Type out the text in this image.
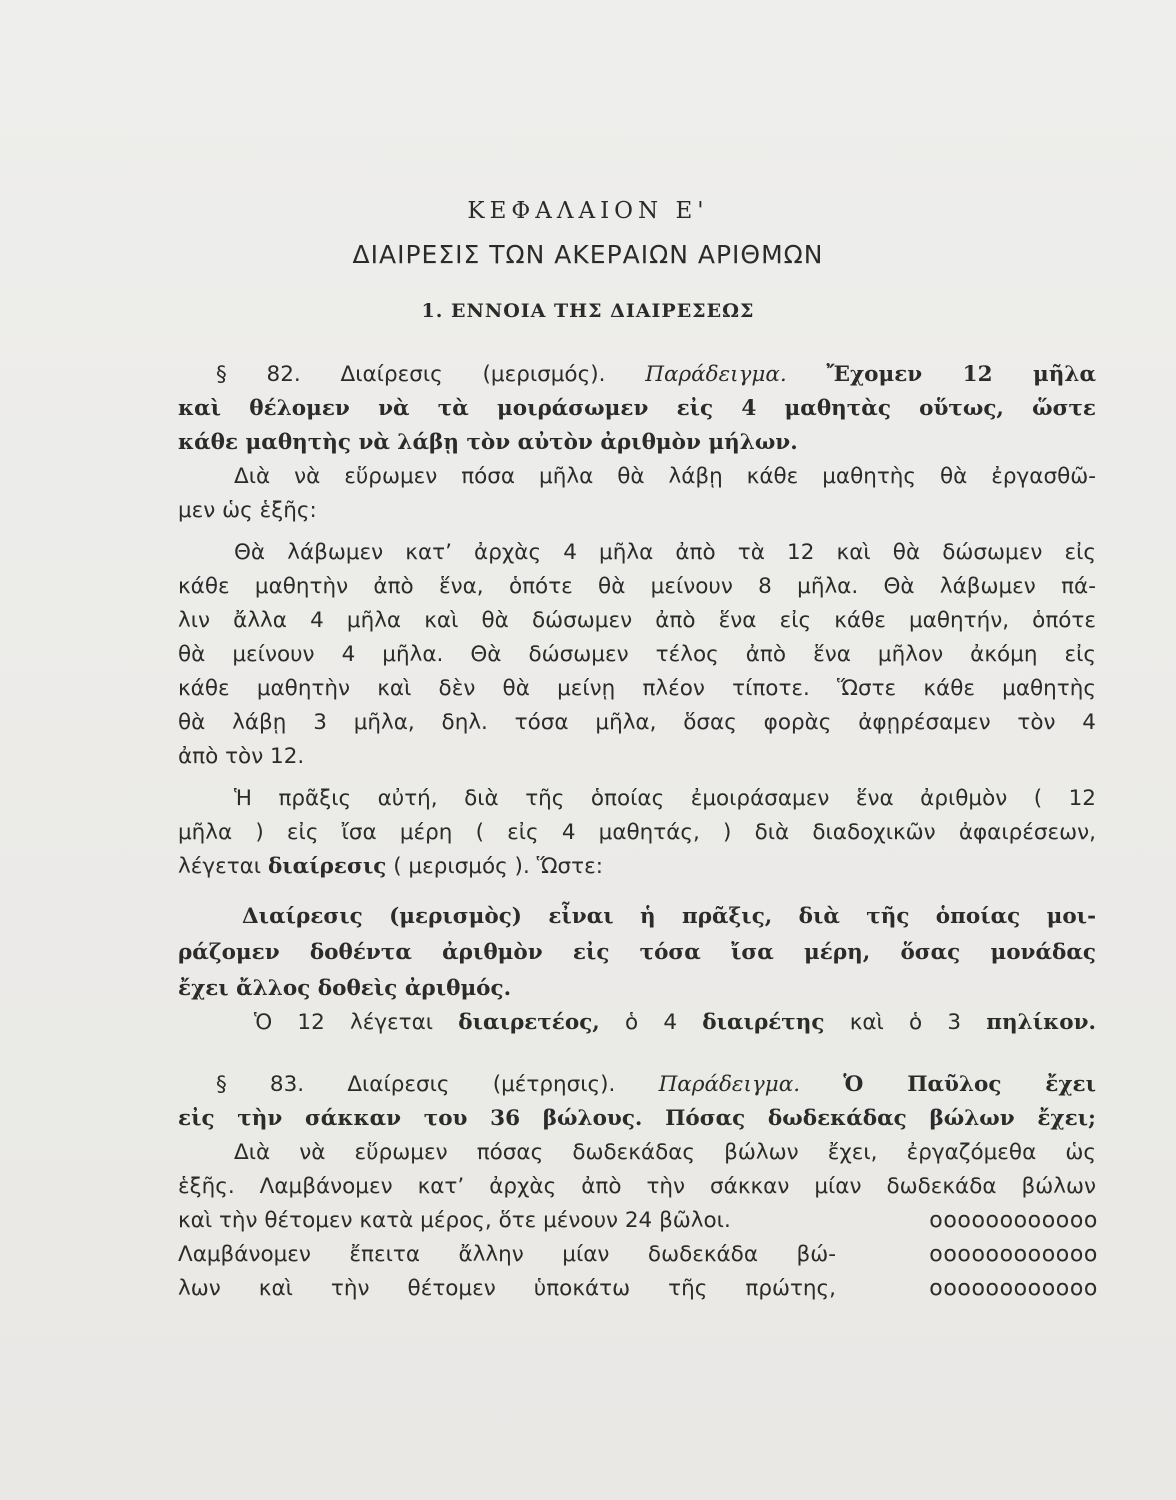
ΚΕΦΑΛΑΙΟΝ Ε'
ΔΙΑΙΡΕΣΙΣ ΤΩΝ ΑΚΕΡΑΙΩΝ ΑΡΙΘΜΩΝ
1. ΕΝΝΟΙΑ ΤΗΣ ΔΙΑΙΡΕΣΕΩΣ
§ 82. Διαίρεσις (μερισμός). Παράδειγμα. Ἔχομεν 12 μῆλα
καὶ θέλομεν νὰ τὰ μοιράσωμεν εἰς 4 μαθητὰς οὕτως, ὥστε
κάθε μαθητὴς νὰ λάβῃ τὸν αὐτὸν ἀριθμὸν μήλων.
Διὰ νὰ εὕρωμεν πόσα μῆλα θὰ λάβῃ κάθε μαθητὴς θὰ ἐργασθῶ-
μεν ὡς ἑξῆς:
Θὰ λάβωμεν κατ’ ἀρχὰς 4 μῆλα ἀπὸ τὰ 12 καὶ θὰ δώσωμεν εἰς
κάθε μαθητὴν ἀπὸ ἕνα, ὁπότε θὰ μείνουν 8 μῆλα. Θὰ λάβωμεν πά-
λιν ἄλλα 4 μῆλα καὶ θὰ δώσωμεν ἀπὸ ἕνα εἰς κάθε μαθητήν, ὁπότε
θὰ μείνουν 4 μῆλα. Θὰ δώσωμεν τέλος ἀπὸ ἕνα μῆλον ἀκόμη εἰς
κάθε μαθητὴν καὶ δὲν θὰ μείνῃ πλέον τίποτε. Ὥστε κάθε μαθητὴς
θὰ λάβῃ 3 μῆλα, δηλ. τόσα μῆλα, ὅσας φορὰς ἀφῃρέσαμεν τὸν 4
ἀπὸ τὸν 12.
Ἡ πρᾶξις αὐτή, διὰ τῆς ὁποίας ἐμοιράσαμεν ἕνα ἀριθμὸν ( 12
μῆλα ) εἰς ἴσα μέρη ( εἰς 4 μαθητάς, ) διὰ διαδοχικῶν ἀφαιρέσεων,
λέγεται διαίρεσις ( μερισμός ). Ὥστε:
Διαίρεσις (μερισμὸς) εἶναι ἡ πρᾶξις, διὰ τῆς ὁποίας μοι-
ράζομεν δοθέντα ἀριθμὸν εἰς τόσα ἴσα μέρη, ὅσας μονάδας
ἔχει ἄλλος δοθεὶς ἀριθμός.
Ὁ 12 λέγεται διαιρετέος, ὁ 4 διαιρέτης καὶ ὁ 3 πηλίκον.
§ 83. Διαίρεσις (μέτρησις). Παράδειγμα. Ὁ Παῦλος ἔχει
εἰς τὴν σάκκαν του 36 βώλους. Πόσας δωδεκάδας βώλων ἔχει;
Διὰ νὰ εὕρωμεν πόσας δωδεκάδας βώλων ἔχει, ἐργαζόμεθα ὡς
ἑξῆς. Λαμβάνομεν κατ’ ἀρχὰς ἀπὸ τὴν σάκκαν μίαν δωδεκάδα βώλων
καὶ τὴν θέτομεν κατὰ μέρος, ὅτε μένουν 24 βῶλοι.
Λαμβάνομεν ἔπειτα ἄλλην μίαν δωδεκάδα βώ-
λων καὶ τὴν θέτομεν ὑποκάτω τῆς πρώτης,
οοοοοοοοοοοο
οοοοοοοοοοοο
οοοοοοοοοοοο
